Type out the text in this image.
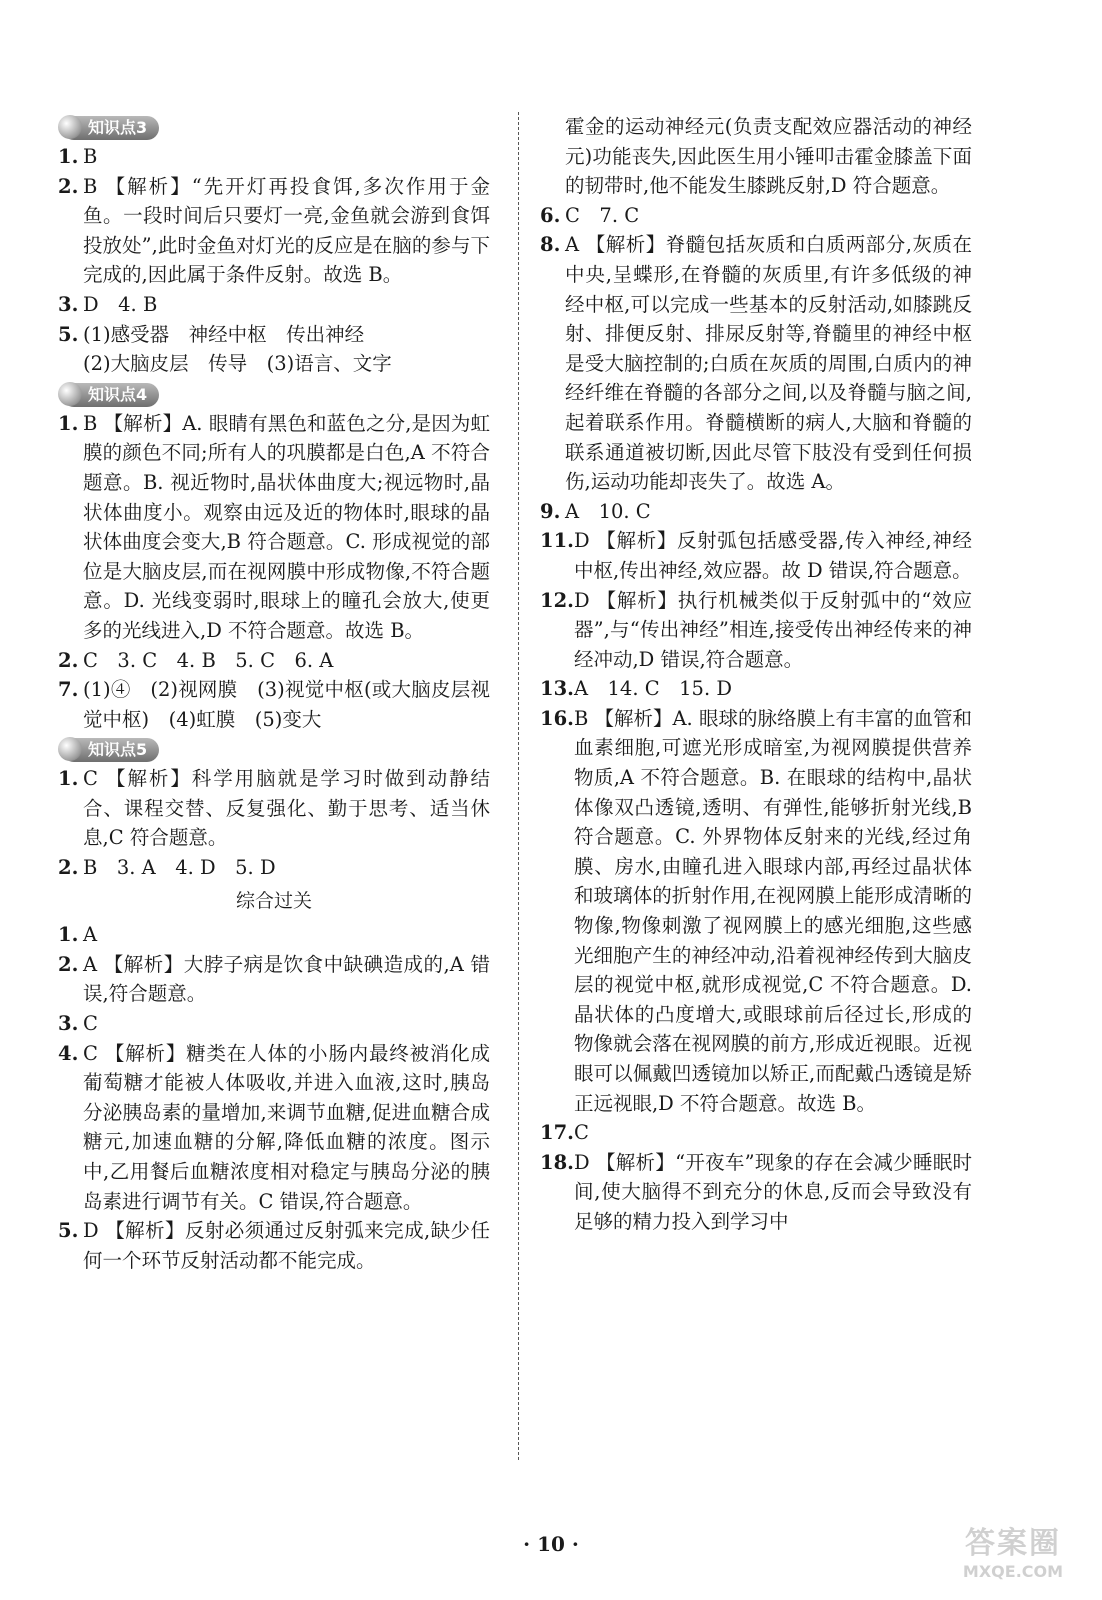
知识点3
1. B
2. B 【解析】“先开灯再投食饵,多次作用于金鱼。一段时间后只要灯一亮,金鱼就会游到食饵投放处”,此时金鱼对灯光的反应是在脑的参与下完成的,因此属于条件反射。故选 B。
3. D　4. B
5. (1)感受器　神经中枢　传出神经
(2)大脑皮层　传导　(3)语言、文字
知识点4
1. B 【解析】A. 眼睛有黑色和蓝色之分,是因为虹膜的颜色不同;所有人的巩膜都是白色,A 不符合题意。B. 视近物时,晶状体曲度大;视远物时,晶状体曲度小。观察由远及近的物体时,眼球的晶状体曲度会变大,B 符合题意。C. 形成视觉的部位是大脑皮层,而在视网膜中形成物像,不符合题意。D. 光线变弱时,眼球上的瞳孔会放大,使更多的光线进入,D 不符合题意。故选 B。
2. C　3. C　4. B　5. C　6. A
7. (1)④　(2)视网膜　(3)视觉中枢(或大脑皮层视觉中枢)　(4)虹膜　(5)变大
知识点5
1. C 【解析】科学用脑就是学习时做到动静结合、课程交替、反复强化、勤于思考、适当休息,C 符合题意。
2. B　3. A　4. D　5. D
综合过关
1. A
2. A 【解析】大脖子病是饮食中缺碘造成的,A 错误,符合题意。
3. C
4. C 【解析】糖类在人体的小肠内最终被消化成葡萄糖才能被人体吸收,并进入血液,这时,胰岛分泌胰岛素的量增加,来调节血糖,促进血糖合成糖元,加速血糖的分解,降低血糖的浓度。图示中,乙用餐后血糖浓度相对稳定与胰岛分泌的胰岛素进行调节有关。C 错误,符合题意。
5. D 【解析】反射必须通过反射弧来完成,缺少任何一个环节反射活动都不能完成。
霍金的运动神经元(负责支配效应器活动的神经元)功能丧失,因此医生用小锤叩击霍金膝盖下面的韧带时,他不能发生膝跳反射,D 符合题意。
6. C　7. C
8. A 【解析】脊髓包括灰质和白质两部分,灰质在中央,呈蝶形,在脊髓的灰质里,有许多低级的神经中枢,可以完成一些基本的反射活动,如膝跳反射、排便反射、排尿反射等,脊髓里的神经中枢是受大脑控制的;白质在灰质的周围,白质内的神经纤维在脊髓的各部分之间,以及脊髓与脑之间,起着联系作用。脊髓横断的病人,大脑和脊髓的联系通道被切断,因此尽管下肢没有受到任何损伤,运动功能却丧失了。故选 A。
9. A　10. C
11. D 【解析】反射弧包括感受器,传入神经,神经中枢,传出神经,效应器。故 D 错误,符合题意。
12. D 【解析】执行机械类似于反射弧中的“效应器”,与“传出神经”相连,接受传出神经传来的神经冲动,D 错误,符合题意。
13. A　14. C　15. D
16. B 【解析】A. 眼球的脉络膜上有丰富的血管和血素细胞,可遮光形成暗室,为视网膜提供营养物质,A 不符合题意。B. 在眼球的结构中,晶状体像双凸透镜,透明、有弹性,能够折射光线,B 符合题意。C. 外界物体反射来的光线,经过角膜、房水,由瞳孔进入眼球内部,再经过晶状体和玻璃体的折射作用,在视网膜上能形成清晰的物像,物像刺激了视网膜上的感光细胞,这些感光细胞产生的神经冲动,沿着视神经传到大脑皮层的视觉中枢,就形成视觉,C 不符合题意。D. 晶状体的凸度增大,或眼球前后径过长,形成的物像就会落在视网膜的前方,形成近视眼。近视眼可以佩戴凹透镜加以矫正,而配戴凸透镜是矫正远视眼,D 不符合题意。故选 B。
17. C
18. D 【解析】“开夜车”现象的存在会减少睡眠时间,使大脑得不到充分的休息,反而会导致没有足够的精力投入到学习中
· 10 ·	答案圈
MXQE.COM
